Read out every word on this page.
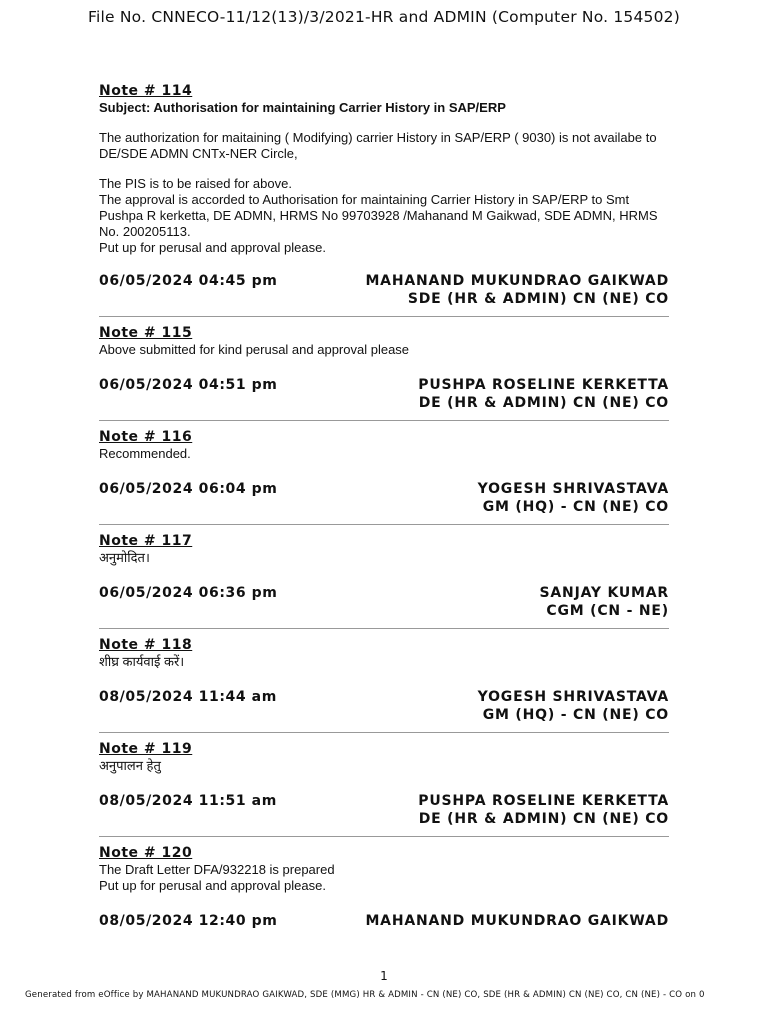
File No. CNNECO-11/12(13)/3/2021-HR and ADMIN (Computer No. 154502)

Note # 114

Subject: Authorisation for maintaining Carrier History in SAP/ERP

The authorization for maitaining ( Modifying) carrier History in SAP/ERP ( 9030) is not availabe to DE/SDE ADMN CNTx-NER Circle,

The PIS is to be raised for above.

The approval is accorded to Authorisation for maintaining Carrier History in SAP/ERP to Smt Pushpa R kerketta, DE ADMN, HRMS No 99703928 /Mahanand M Gaikwad, SDE ADMN, HRMS No. 200205113.

Put up for perusal and approval please.

06/05/2024 04:45 pm	MAHANAND MUKUNDRAO GAIKWAD
SDE (HR & ADMIN) CN (NE) CO

Note # 115

Above submitted for kind perusal and approval please

06/05/2024 04:51 pm	PUSHPA ROSELINE KERKETTA
DE (HR & ADMIN) CN (NE) CO

Note # 116

Recommended.

06/05/2024 06:04 pm	YOGESH SHRIVASTAVA
GM (HQ) - CN (NE) CO

Note # 117

अनुमोदित।

06/05/2024 06:36 pm	SANJAY KUMAR
CGM (CN - NE)

Note # 118

शीघ्र कार्यवाई करें।

08/05/2024 11:44 am	YOGESH SHRIVASTAVA
GM (HQ) - CN (NE) CO

Note # 119

अनुपालन हेतु

08/05/2024 11:51 am	PUSHPA ROSELINE KERKETTA
DE (HR & ADMIN) CN (NE) CO

Note # 120

The Draft Letter DFA/932218 is prepared

Put up for perusal and approval please.

08/05/2024 12:40 pm	MAHANAND MUKUNDRAO GAIKWAD
1
Generated from eOffice by MAHANAND MUKUNDRAO GAIKWAD, SDE (MMG) HR & ADMIN - CN (NE) CO, SDE (HR & ADMIN) CN (NE) CO, CN (NE) - CO on 0
